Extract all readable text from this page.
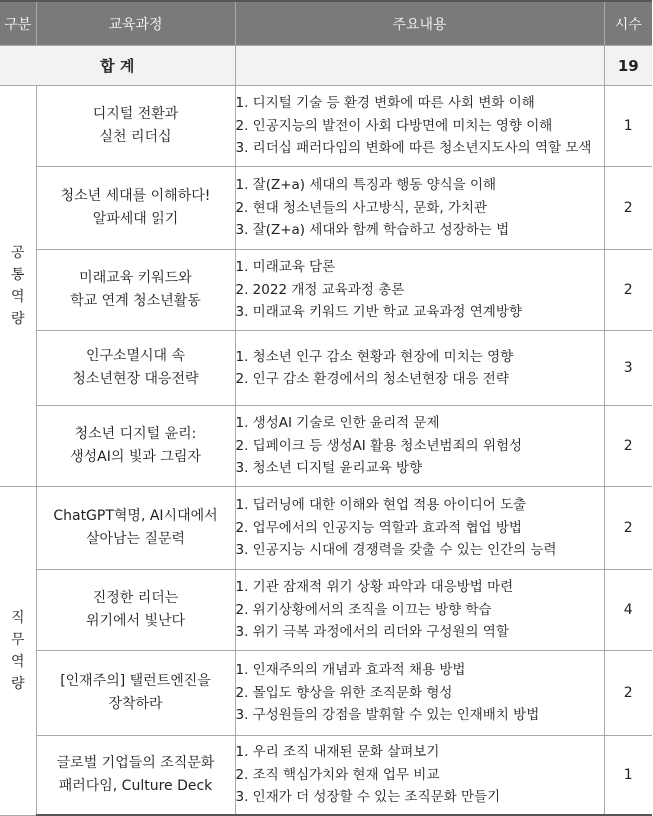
구분	교육과정	주요내용	시수
합 계			19

공
통
역
량	디지털 전환과
실천 리더십	1. 디지털 기술 등 환경 변화에 따른 사회 변화 이해
2. 인공지능의 발전이 사회 다방면에 미치는 영향 이해
3. 리더십 패러다임의 변화에 따른 청소년지도사의 역할 모색	1

	청소년 세대를 이해하다!
알파세대 읽기	1. 잘(Z+a) 세대의 특징과 행동 양식을 이해
2. 현대 청소년들의 사고방식, 문화, 가치관
3. 잘(Z+a) 세대와 함께 학습하고 성장하는 법	2

	미래교육 키워드와
학교 연계 청소년활동	1. 미래교육 담론
2. 2022 개정 교육과정 총론
3. 미래교육 키워드 기반 학교 교육과정 연계방향	2

	인구소멸시대 속
청소년현장 대응전략	1. 청소년 인구 감소 현황과 현장에 미치는 영향
2. 인구 감소 환경에서의 청소년현장 대응 전략	3

	청소년 디지털 윤리:
생성AI의 빛과 그림자	1. 생성AI 기술로 인한 윤리적 문제
2. 딥페이크 등 생성AI 활용 청소년범죄의 위험성
3. 청소년 디지털 윤리교육 방향	2

직
무
역
량	ChatGPT혁명, AI시대에서
살아남는 질문력	1. 딥러닝에 대한 이해와 현업 적용 아이디어 도출
2. 업무에서의 인공지능 역할과 효과적 협업 방법
3. 인공지능 시대에 경쟁력을 갖출 수 있는 인간의 능력	2

	진정한 리더는
위기에서 빛난다	1. 기관 잠재적 위기 상황 파악과 대응방법 마련
2. 위기상황에서의 조직을 이끄는 방향 학습
3. 위기 극복 과정에서의 리더와 구성원의 역할	4

	[인재주의] 탤런트엔진을
장착하라	1. 인재주의의 개념과 효과적 채용 방법
2. 몰입도 향상을 위한 조직문화 형성
3. 구성원들의 강점을 발휘할 수 있는 인재배치 방법	2

	글로벌 기업들의 조직문화
패러다임, Culture Deck	1. 우리 조직 내재된 문화 살펴보기
2. 조직 핵심가치와 현재 업무 비교
3. 인재가 더 성장할 수 있는 조직문화 만들기	1
